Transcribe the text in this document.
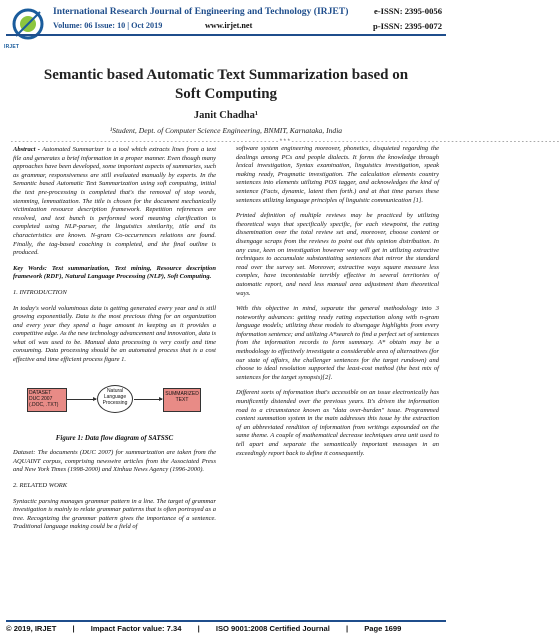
IRJET
International Research Journal of Engineering and Technology (IRJET)	e-ISSN: 2395-0056
Volume: 06 Issue: 10 | Oct 2019	www.irjet.net	p-ISSN: 2395-0072
Semantic based Automatic Text Summarization based on
Soft Computing
Janit Chadha¹
¹Student, Dept. of Computer Science Engineering, BNMIT, Karnataka, India
---------------------------------------------------------------------***---------------------------------------------------------------------

Abstract - Automated Summarizer is a tool which extracts lines from a text file and generates a brief information in a proper manner. Even though many approaches have been developed, some important aspects of summaries, such as grammar, responsiveness are still evaluated manually by experts. In the Semantic based Automatic Text Summarization using soft computing, initial the text pre-processing is completed that's the removal of stop words, stemming, lemmatization. The title is chosen for the document mechanically victimization resource description framework. Repetition references are resolved, and text bunch is performed word meaning clarification is completed using NLP-parser, the linguistics similarity, title and its characteristics are known. N-gram Co-occurrences relations are found. Finally, the tag-based coaching is completed, and the final outline is produced.

Key Words: Text summarization, Text mining, Resource description framework (RDF), Natural Language Processing (NLP), Soft Computing.

1. INTRODUCTION

In today's world voluminous data is getting generated every year and is still growing exponentially. Data is the most precious thing for an organization and every year they spend a huge amount in keeping as it provides a competitive edge. As the new technology advancement and innovation, data is what oil was used to be. Manual data processing is very costly and time consuming. Data processing should be an automated process that is a cost effective and time efficient process figure 1.

DATASET
DUC 2007
(.DOC, .TXT)
Natural
Language
Processing
SUMMARIZED
TEXT

Figure 1: Data flow diagram of SATSSC

Dataset: The documents (DUC 2007) for summarization are taken from the AQUAINT corpus, comprising newswire articles from the Associated Press and New York Times (1998-2000) and Xinhua News Agency (1996-2000).

2. RELATED WORK

Syntactic parsing manages grammar pattern in a line. The target of grammar investigation is mainly to relate grammar patterns that is often portrayed as a tree. Recognizing the grammar pattern gives the importance of a sentence. Traditional language making could be a field of

software system engineering moreover, phonetics, disquieted regarding the dealings among PCs and people dialects. It forms the knowledge through lexical investigation, Syntax examination, linguistics investigation, speak making ready, Pragmatic investigation. The calculation elements country sentences into elements utilizing POS tagger, and acknowledges the kind of sentence (Facts, dynamic, latent then forth.) and at that time parses these sentences utilizing language principles of linguistic communication [1].

Printed definition of multiple reviews may be practiced by utilizing theoretical ways that specifically specific, for each viewpoint, the rating dissemination over the total review set and, moreover, choose content or disengage scraps from the reviews to point out this opinion distribution. In any case, keen on investigation however way will get in utilizing extractive techniques to accumulate substantiating sentences that mirror the standard read over the survey set. Moreover, extractive ways square measure less complex, have incontestable terribly effective in several territories of automatic report, and need less manual area adjustment than theoretical ways.

With this objective in mind, separate the general methodology into 3 noteworthy advances: getting ready rating expectation along with n-gram language models; utilizing these models to disengage highlights from every information sentence; and utilizing A*search to find a perfect set of sentences from the information records to form summary. A* obtain may be a methodology to effectively investigate a considerable area of alternatives (for our state of affairs, the challenger sentences for the target rundown) and choose to ideal resolution supported the least-cost method (the best mix of sentences for the target synopsis)[2].

Different sorts of information that's accessible on an issue electronically has munificently distended over the previous years. It's driven the information road to a circumstance known as "data over-burden" issue. Programmed content summation system in the main addresses this issue by the extraction of an abbreviated rendition of information from writings expounded on the same theme. A couple of mathematical decrease techniques area unit used to tell apart and separate the semantically important messages in an exceedingly report back to define it consequently.

© 2019, IRJET | Impact Factor value: 7.34 | ISO 9001:2008 Certified Journal | Page 1699
